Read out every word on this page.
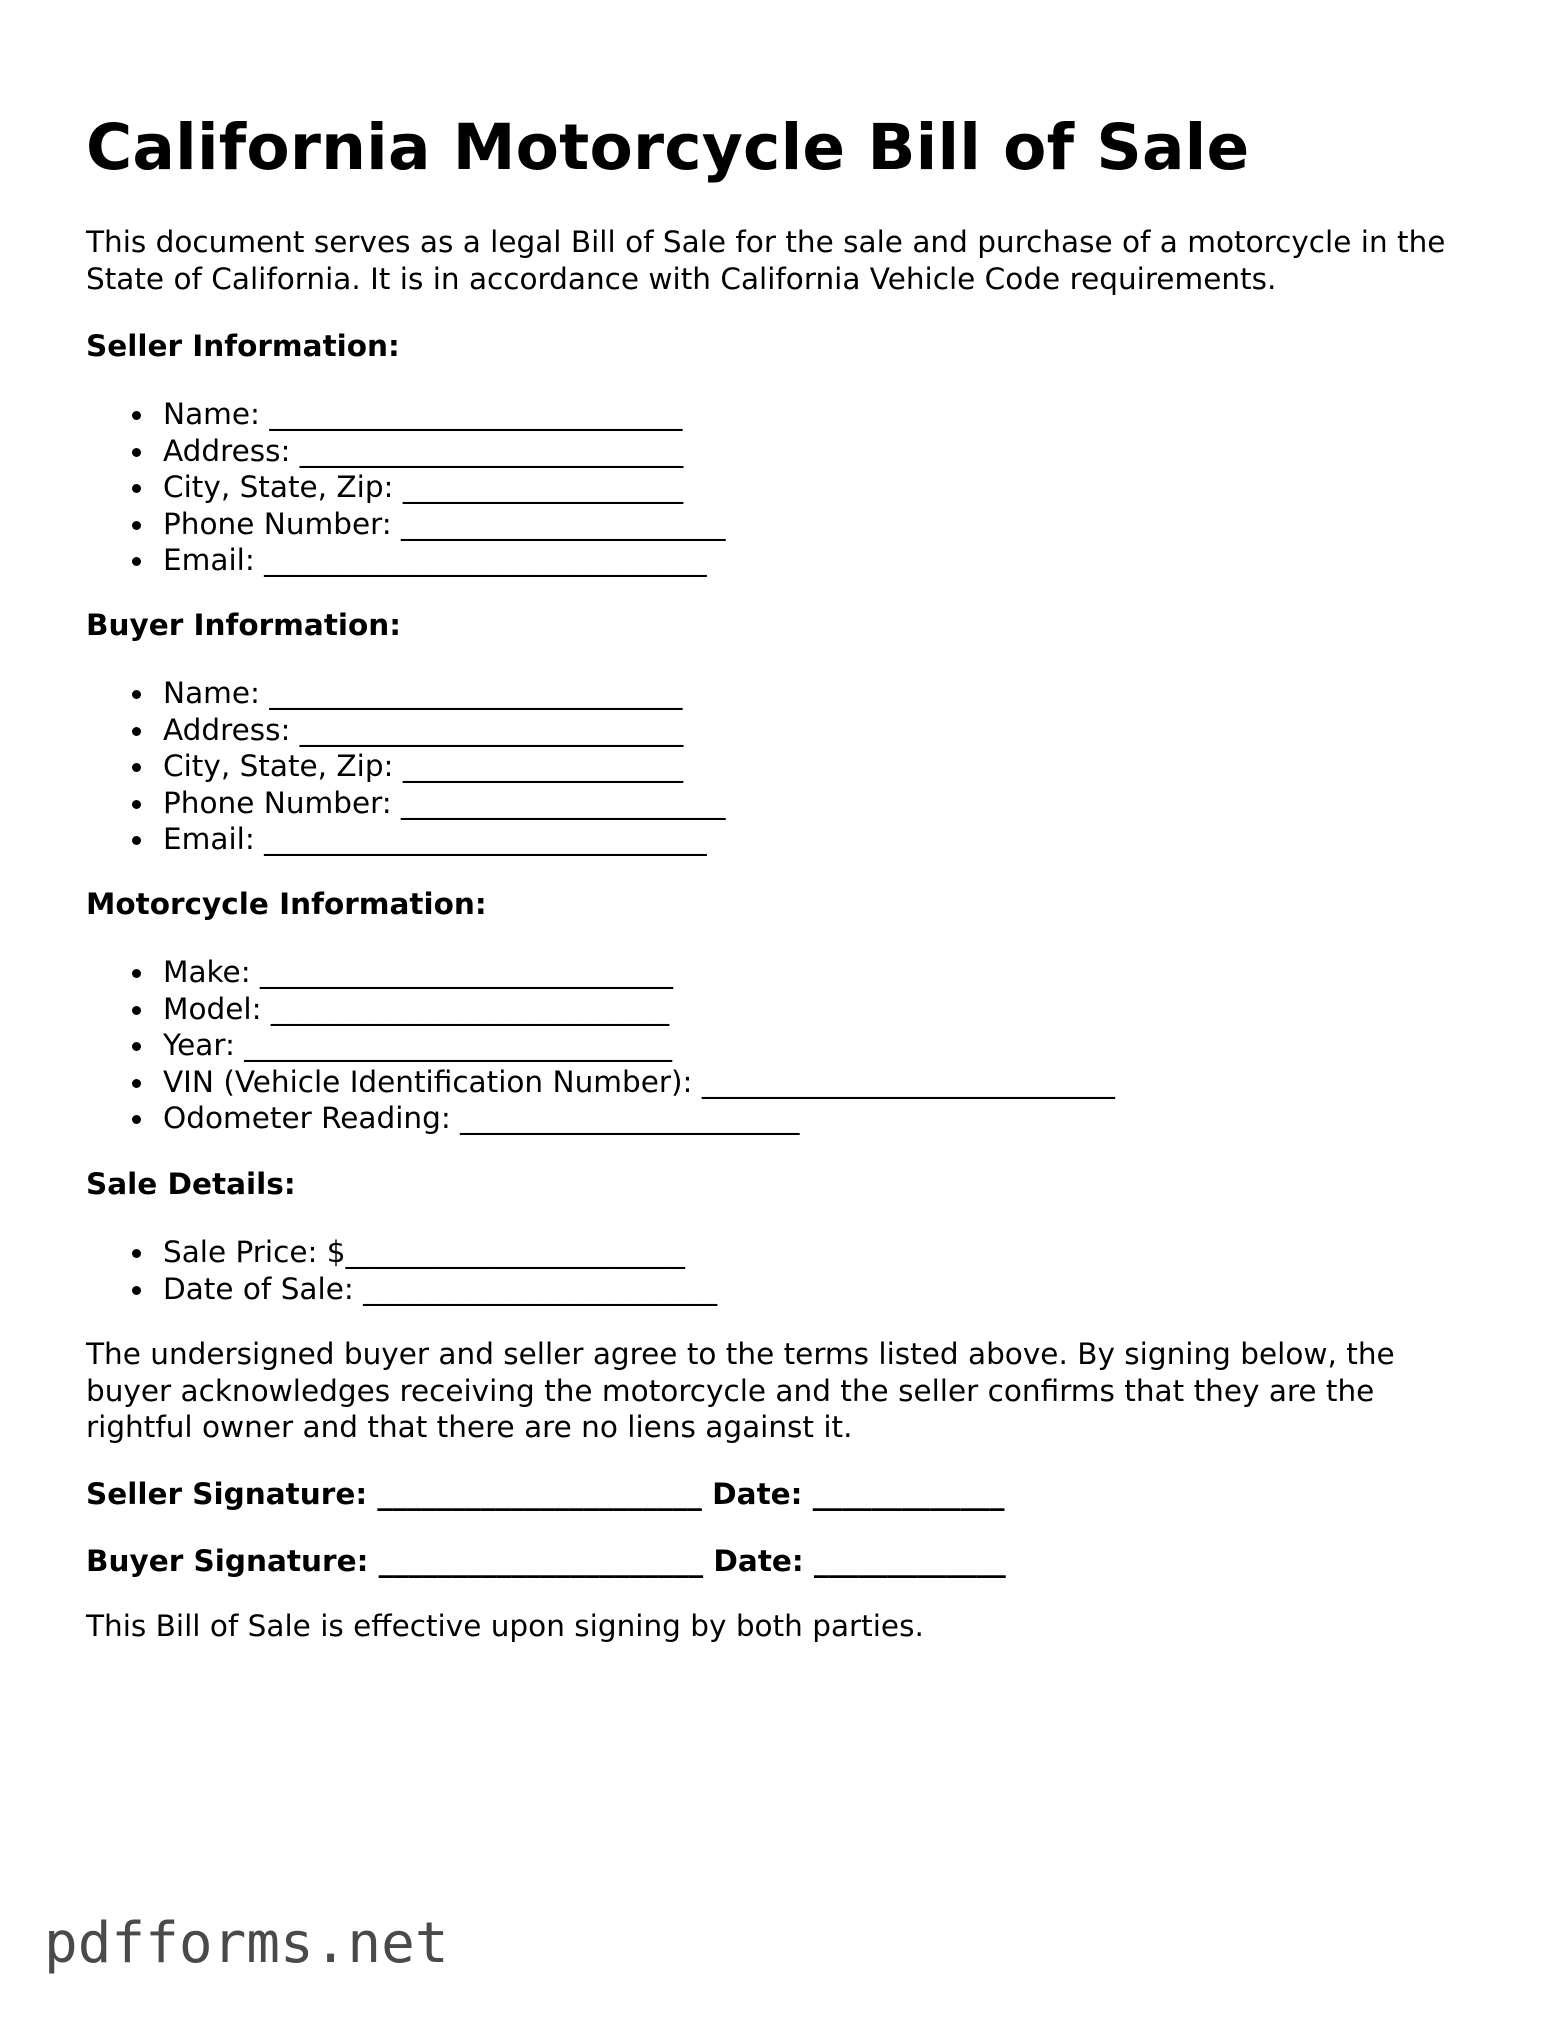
California Motorcycle Bill of Sale

This document serves as a legal Bill of Sale for the sale and purchase of a motorcycle in the State of California. It is in accordance with California Vehicle Code requirements.

Seller Information:
Name: ____________________________
Address: __________________________
City, State, Zip: ___________________
Phone Number: ______________________
Email: ______________________________
Buyer Information:
Name: ____________________________
Address: __________________________
City, State, Zip: ___________________
Phone Number: ______________________
Email: ______________________________
Motorcycle Information:
Make: ____________________________
Model: ___________________________
Year: _____________________________
VIN (Vehicle Identification Number): ____________________________
Odometer Reading: _______________________
Sale Details:
Sale Price: $_______________________
Date of Sale: ________________________

The undersigned buyer and seller agree to the terms listed above. By signing below, the buyer acknowledges receiving the motorcycle and the seller confirms that they are the rightful owner and that there are no liens against it.

Seller Signature: ______________________ Date: _____________
Buyer Signature: ______________________ Date: _____________

This Bill of Sale is effective upon signing by both parties.

pdfforms.net
